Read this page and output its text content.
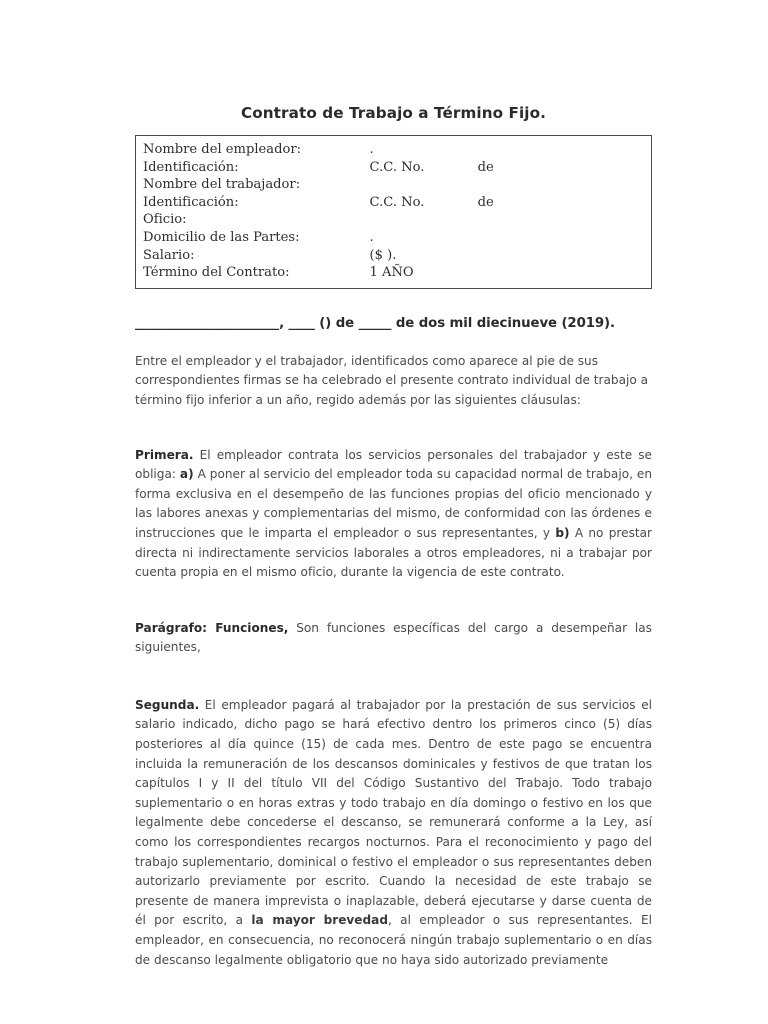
Contrato de Trabajo a Término Fijo.
Nombre del empleador:	.	

Identificación:	C.C. No.	de

Nombre del trabajador:		

Identificación:	C.C. No.	de

Oficio:		

Domicilio de las Partes:	.	

Salario:	($ ).	

Término del Contrato:	1 AÑO	

______________________, ____ () de _____ de dos mil diecinueve (2019).

Entre el empleador y el trabajador, identificados como aparece al pie de sus correspondientes firmas se ha celebrado el presente contrato individual de trabajo a término fijo inferior a un año, regido además por las siguientes cláusulas:

Primera. El empleador contrata los servicios personales del trabajador y este se obliga: a) A poner al servicio del empleador toda su capacidad normal de trabajo, en forma exclusiva en el desempeño de las funciones propias del oficio mencionado y las labores anexas y complementarias del mismo, de conformidad con las órdenes e instrucciones que le imparta el empleador o sus representantes, y b) A no prestar directa ni indirectamente servicios laborales a otros empleadores, ni a trabajar por cuenta propia en el mismo oficio, durante la vigencia de este contrato.

Parágrafo: Funciones, Son funciones específicas del cargo a desempeñar las siguientes,

Segunda. El empleador pagará al trabajador por la prestación de sus servicios el salario indicado, dicho pago se hará efectivo dentro los primeros cinco (5) días posteriores al día quince (15) de cada mes. Dentro de este pago se encuentra incluida la remuneración de los descansos dominicales y festivos de que tratan los capítulos I y II del título VII del Código Sustantivo del Trabajo. Todo trabajo suplementario o en horas extras y todo trabajo en día domingo o festivo en los que legalmente debe concederse el descanso, se remunerará conforme a la Ley, así como los correspondientes recargos nocturnos. Para el reconocimiento y pago del trabajo suplementario, dominical o festivo el empleador o sus representantes deben autorizarlo previamente por escrito. Cuando la necesidad de este trabajo se presente de manera imprevista o inaplazable, deberá ejecutarse y darse cuenta de él por escrito, a la mayor brevedad, al empleador o sus representantes. El empleador, en consecuencia, no reconocerá ningún trabajo suplementario o en días de descanso legalmente obligatorio que no haya sido autorizado previamente
